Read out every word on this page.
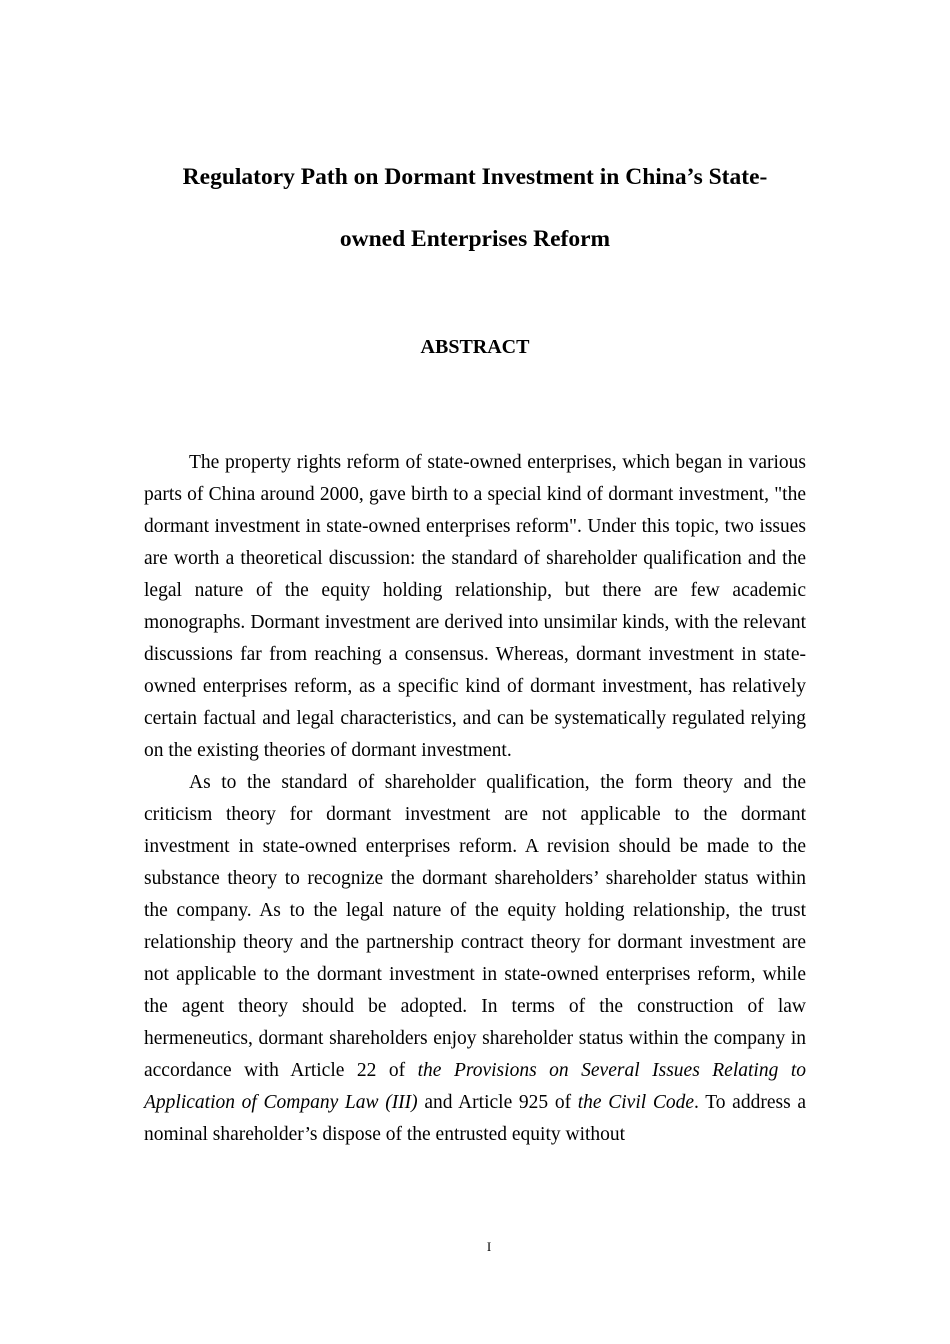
Regulatory Path on Dormant Investment in China’s State-
owned Enterprises Reform
ABSTRACT

The property rights reform of state-owned enterprises, which began in various parts of China around 2000, gave birth to a special kind of dormant investment, "the dormant investment in state-owned enterprises reform". Under this topic, two issues are worth a theoretical discussion: the standard of shareholder qualification and the legal nature of the equity holding relationship, but there are few academic monographs. Dormant investment are derived into unsimilar kinds, with the relevant discussions far from reaching a consensus. Whereas, dormant investment in state-owned enterprises reform, as a specific kind of dormant investment, has relatively certain factual and legal characteristics, and can be systematically regulated relying on the existing theories of dormant investment.

As to the standard of shareholder qualification, the form theory and the criticism theory for dormant investment are not applicable to the dormant investment in state-owned enterprises reform. A revision should be made to the substance theory to recognize the dormant shareholders’ shareholder status within the company. As to the legal nature of the equity holding relationship, the trust relationship theory and the partnership contract theory for dormant investment are not applicable to the dormant investment in state-owned enterprises reform, while the agent theory should be adopted. In terms of the construction of law hermeneutics, dormant shareholders enjoy shareholder status within the company in accordance with Article 22 of the Provisions on Several Issues Relating to Application of Company Law (III) and Article 925 of the Civil Code. To address a nominal shareholder’s dispose of the entrusted equity without

I
